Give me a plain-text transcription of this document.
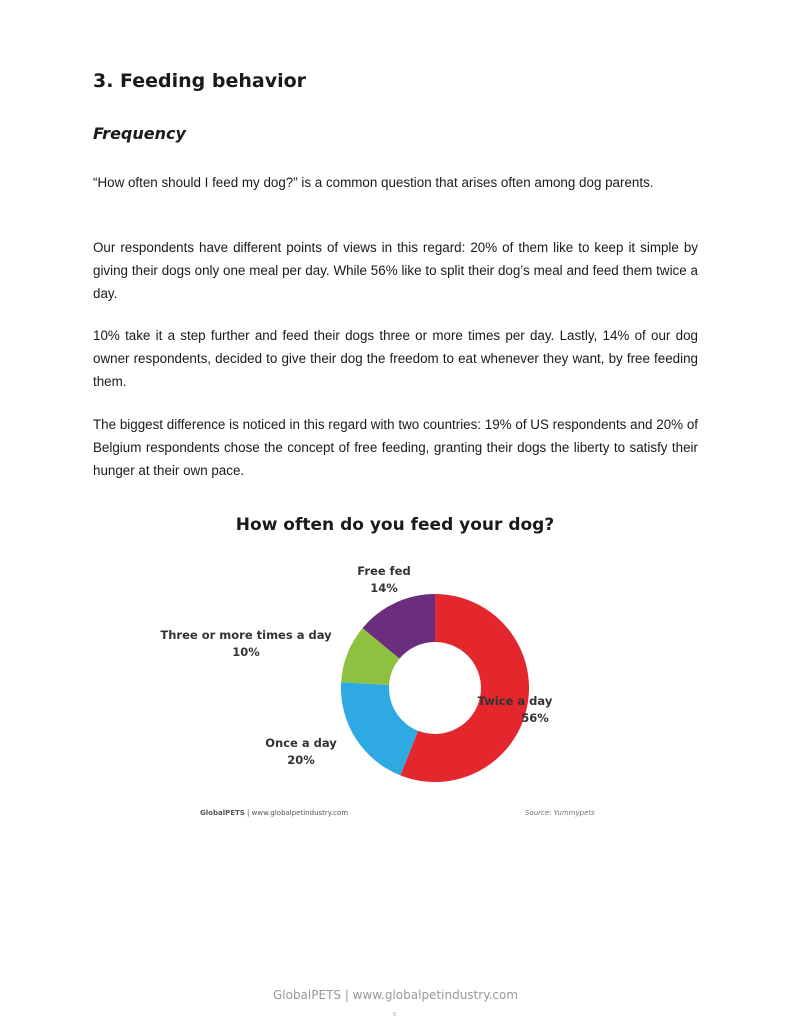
3. Feeding behavior
Frequency

“How often should I feed my dog?” is a common question that arises often among dog parents.

Our respondents have different points of views in this regard: 20% of them like to keep it simple by giving their dogs only one meal per day. While 56% like to split their dog’s meal and feed them twice a day.

10% take it a step further and feed their dogs three or more times per day. Lastly, 14% of our dog owner respondents, decided to give their dog the freedom to eat whenever they want, by free feeding them.

The biggest difference is noticed in this regard with two countries: 19% of US respondents and 20% of Belgium respondents chose the concept of free feeding, granting their dogs the liberty to satisfy their hunger at their own pace.

How often do you feed your dog?
Twice a day
56%
Once a day
20%
Three or more times a day
10%
Free fed
14%
GlobalPETS | www.globalpetindustry.com	Source: Yummypets
GlobalPETS | www.globalpetindustry.com
8
